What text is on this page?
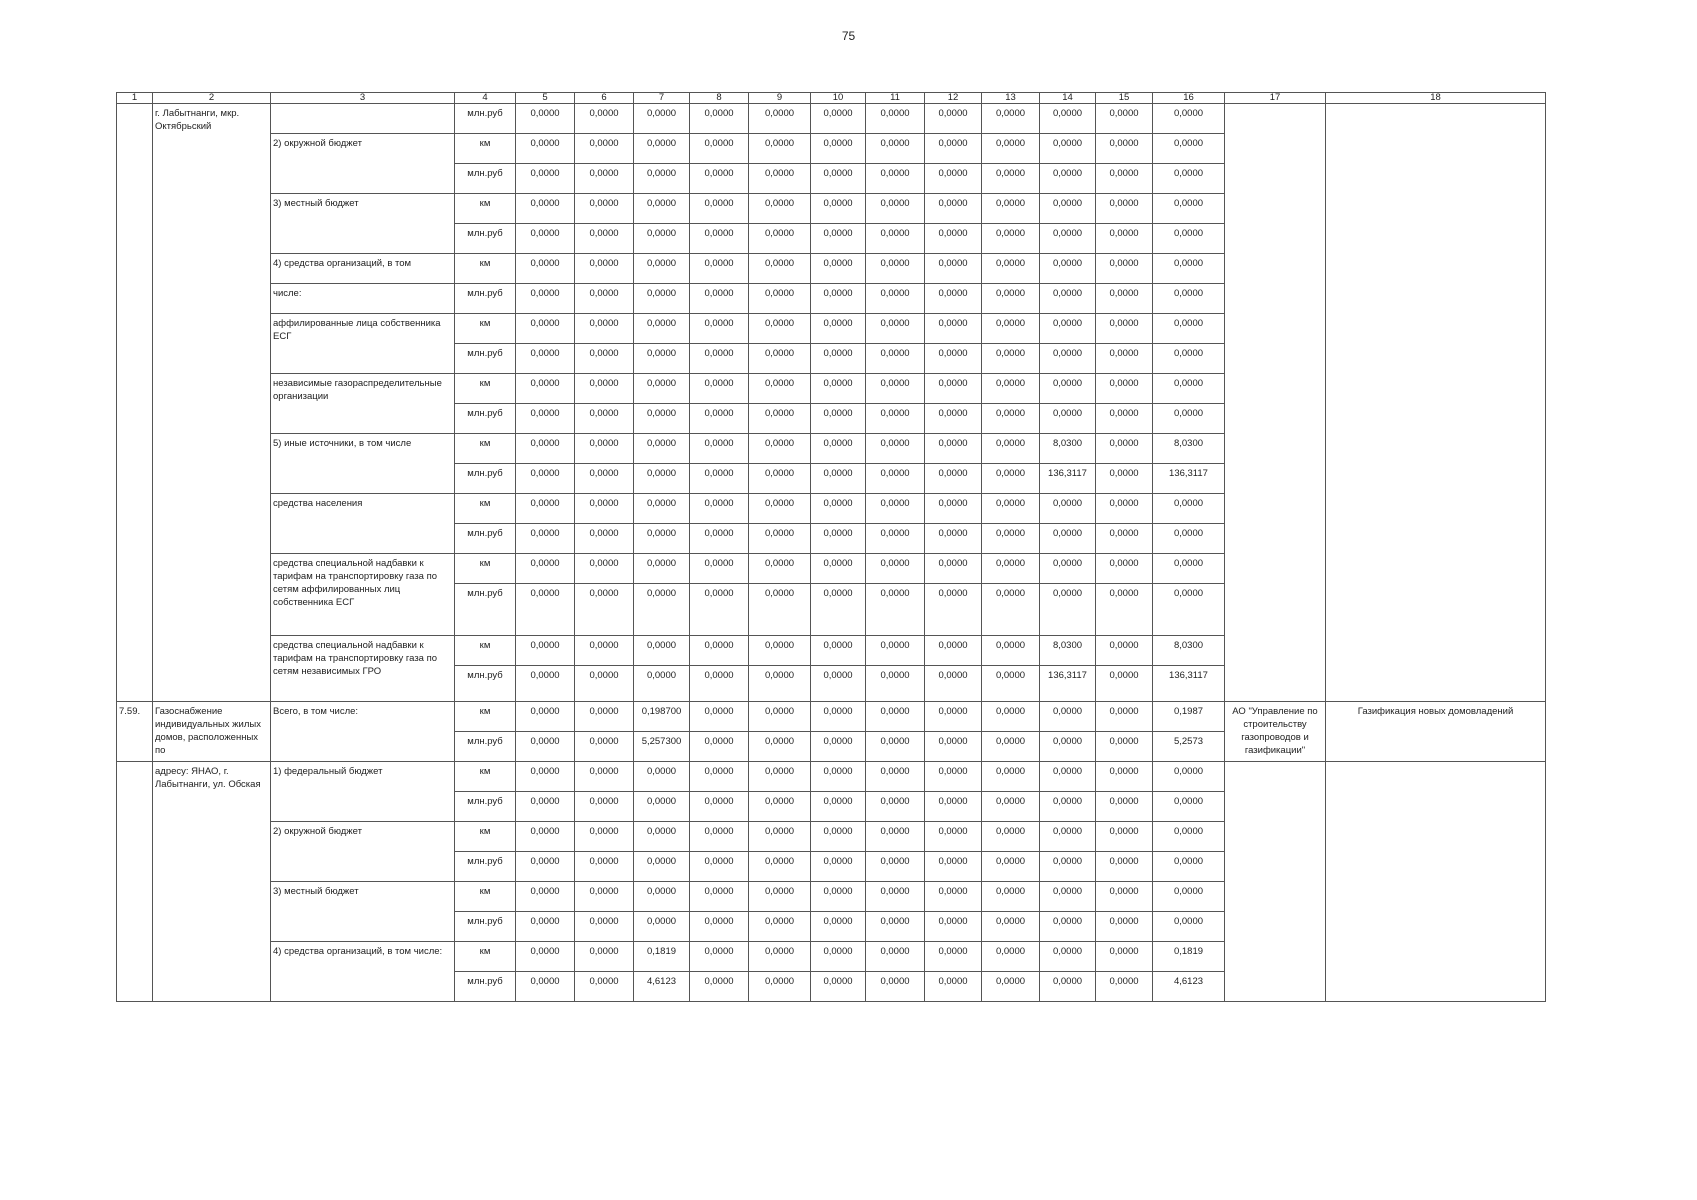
75
1	2	3	4	5	6	7	8	9	10	11	12	13	14	15	16	17	18
	г. Лабытнанги, мкр. Октябрьский		млн.руб	0,0000	0,0000	0,0000	0,0000	0,0000	0,0000	0,0000	0,0000	0,0000	0,0000	0,0000	0,0000		
		2) окружной бюджет	км	0,0000	0,0000	0,0000	0,0000	0,0000	0,0000	0,0000	0,0000	0,0000	0,0000	0,0000	0,0000		
			млн.руб	0,0000	0,0000	0,0000	0,0000	0,0000	0,0000	0,0000	0,0000	0,0000	0,0000	0,0000	0,0000		
		3) местный бюджет	км	0,0000	0,0000	0,0000	0,0000	0,0000	0,0000	0,0000	0,0000	0,0000	0,0000	0,0000	0,0000		
			млн.руб	0,0000	0,0000	0,0000	0,0000	0,0000	0,0000	0,0000	0,0000	0,0000	0,0000	0,0000	0,0000		
		4) средства организаций, в том	км	0,0000	0,0000	0,0000	0,0000	0,0000	0,0000	0,0000	0,0000	0,0000	0,0000	0,0000	0,0000		
		числе:	млн.руб	0,0000	0,0000	0,0000	0,0000	0,0000	0,0000	0,0000	0,0000	0,0000	0,0000	0,0000	0,0000		
		аффилированные лица собственника ЕСГ	км	0,0000	0,0000	0,0000	0,0000	0,0000	0,0000	0,0000	0,0000	0,0000	0,0000	0,0000	0,0000		
			млн.руб	0,0000	0,0000	0,0000	0,0000	0,0000	0,0000	0,0000	0,0000	0,0000	0,0000	0,0000	0,0000		
		независимые газораспределительные организации	км	0,0000	0,0000	0,0000	0,0000	0,0000	0,0000	0,0000	0,0000	0,0000	0,0000	0,0000	0,0000		
			млн.руб	0,0000	0,0000	0,0000	0,0000	0,0000	0,0000	0,0000	0,0000	0,0000	0,0000	0,0000	0,0000		
		5) иные источники, в том числе	км	0,0000	0,0000	0,0000	0,0000	0,0000	0,0000	0,0000	0,0000	0,0000	8,0300	0,0000	8,0300		
			млн.руб	0,0000	0,0000	0,0000	0,0000	0,0000	0,0000	0,0000	0,0000	0,0000	136,3117	0,0000	136,3117		
		средства населения	км	0,0000	0,0000	0,0000	0,0000	0,0000	0,0000	0,0000	0,0000	0,0000	0,0000	0,0000	0,0000		
			млн.руб	0,0000	0,0000	0,0000	0,0000	0,0000	0,0000	0,0000	0,0000	0,0000	0,0000	0,0000	0,0000		
		средства специальной надбавки к тарифам на транспортировку газа по сетям аффилированных лиц собственника ЕСГ	км	0,0000	0,0000	0,0000	0,0000	0,0000	0,0000	0,0000	0,0000	0,0000	0,0000	0,0000	0,0000		
			млн.руб	0,0000	0,0000	0,0000	0,0000	0,0000	0,0000	0,0000	0,0000	0,0000	0,0000	0,0000	0,0000		
		средства специальной надбавки к тарифам на транспортировку газа по сетям независимых ГРО	км	0,0000	0,0000	0,0000	0,0000	0,0000	0,0000	0,0000	0,0000	0,0000	8,0300	0,0000	8,0300		
			млн.руб	0,0000	0,0000	0,0000	0,0000	0,0000	0,0000	0,0000	0,0000	0,0000	136,3117	0,0000	136,3117		
7.59.	Газоснабжение индивидуальных жилых домов, расположенных по	Всего, в том числе:	км	0,0000	0,0000	0,198700	0,0000	0,0000	0,0000	0,0000	0,0000	0,0000	0,0000	0,0000	0,1987	АО "Управление по строительству газопроводов и газификации"	Газификация новых домовладений
			млн.руб	0,0000	0,0000	5,257300	0,0000	0,0000	0,0000	0,0000	0,0000	0,0000	0,0000	0,0000	5,2573		
	адресу: ЯНАО, г. Лабытнанги, ул. Обская	1) федеральный бюджет	км	0,0000	0,0000	0,0000	0,0000	0,0000	0,0000	0,0000	0,0000	0,0000	0,0000	0,0000	0,0000		
			млн.руб	0,0000	0,0000	0,0000	0,0000	0,0000	0,0000	0,0000	0,0000	0,0000	0,0000	0,0000	0,0000		
		2) окружной бюджет	км	0,0000	0,0000	0,0000	0,0000	0,0000	0,0000	0,0000	0,0000	0,0000	0,0000	0,0000	0,0000		
			млн.руб	0,0000	0,0000	0,0000	0,0000	0,0000	0,0000	0,0000	0,0000	0,0000	0,0000	0,0000	0,0000		
		3) местный бюджет	км	0,0000	0,0000	0,0000	0,0000	0,0000	0,0000	0,0000	0,0000	0,0000	0,0000	0,0000	0,0000		
			млн.руб	0,0000	0,0000	0,0000	0,0000	0,0000	0,0000	0,0000	0,0000	0,0000	0,0000	0,0000	0,0000		
		4) средства организаций, в том числе:	км	0,0000	0,0000	0,1819	0,0000	0,0000	0,0000	0,0000	0,0000	0,0000	0,0000	0,0000	0,1819		
			млн.руб	0,0000	0,0000	4,6123	0,0000	0,0000	0,0000	0,0000	0,0000	0,0000	0,0000	0,0000	4,6123		
